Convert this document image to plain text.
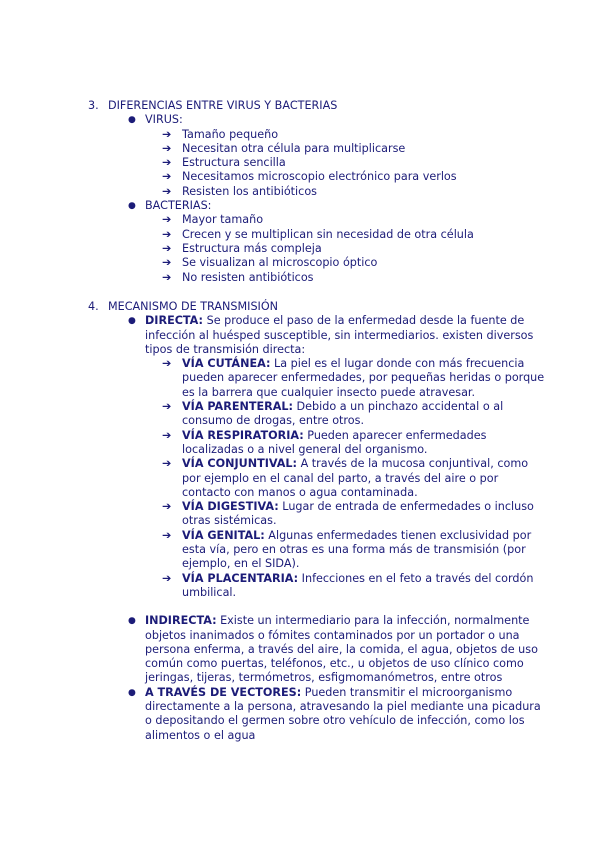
3. DIFERENCIAS ENTRE VIRUS Y BACTERIAS
● VIRUS:
➔ Tamaño pequeño
➔ Necesitan otra célula para multiplicarse
➔ Estructura sencilla
➔ Necesitamos microscopio electrónico para verlos
➔ Resisten los antibióticos
● BACTERIAS:
➔ Mayor tamaño
➔ Crecen y se multiplican sin necesidad de otra célula
➔ Estructura más compleja
➔ Se visualizan al microscopio óptico
➔ No resisten antibióticos
4. MECANISMO DE TRANSMISIÓN
● DIRECTA: Se produce el paso de la enfermedad desde la fuente de infección al huésped susceptible, sin intermediarios. existen diversos tipos de transmisión directa:
➔ VÍA CUTÁNEA: La piel es el lugar donde con más frecuencia pueden aparecer enfermedades, por pequeñas heridas o porque es la barrera que cualquier insecto puede atravesar.
➔ VÍA PARENTERAL: Debido a un pinchazo accidental o al consumo de drogas, entre otros.
➔ VÍA RESPIRATORIA: Pueden aparecer enfermedades localizadas o a nivel general del organismo.
➔ VÍA CONJUNTIVAL: A través de la mucosa conjuntival, como por ejemplo en el canal del parto, a través del aire o por contacto con manos o agua contaminada.
➔ VÍA DIGESTIVA: Lugar de entrada de enfermedades o incluso otras sistémicas.
➔ VÍA GENITAL: Algunas enfermedades tienen exclusividad por esta vía, pero en otras es una forma más de transmisión (por ejemplo, en el SIDA).
➔ VÍA PLACENTARIA: Infecciones en el feto a través del cordón umbilical.
● INDIRECTA: Existe un intermediario para la infección, normalmente objetos inanimados o fómites contaminados por un portador o una persona enferma, a través del aire, la comida, el agua, objetos de uso común como puertas, teléfonos, etc., u objetos de uso clínico como jeringas, tijeras, termómetros, esfigmomanómetros, entre otros
● A TRAVÉS DE VECTORES: Pueden transmitir el microorganismo directamente a la persona, atravesando la piel mediante una picadura o depositando el germen sobre otro vehículo de infección, como los alimentos o el agua
